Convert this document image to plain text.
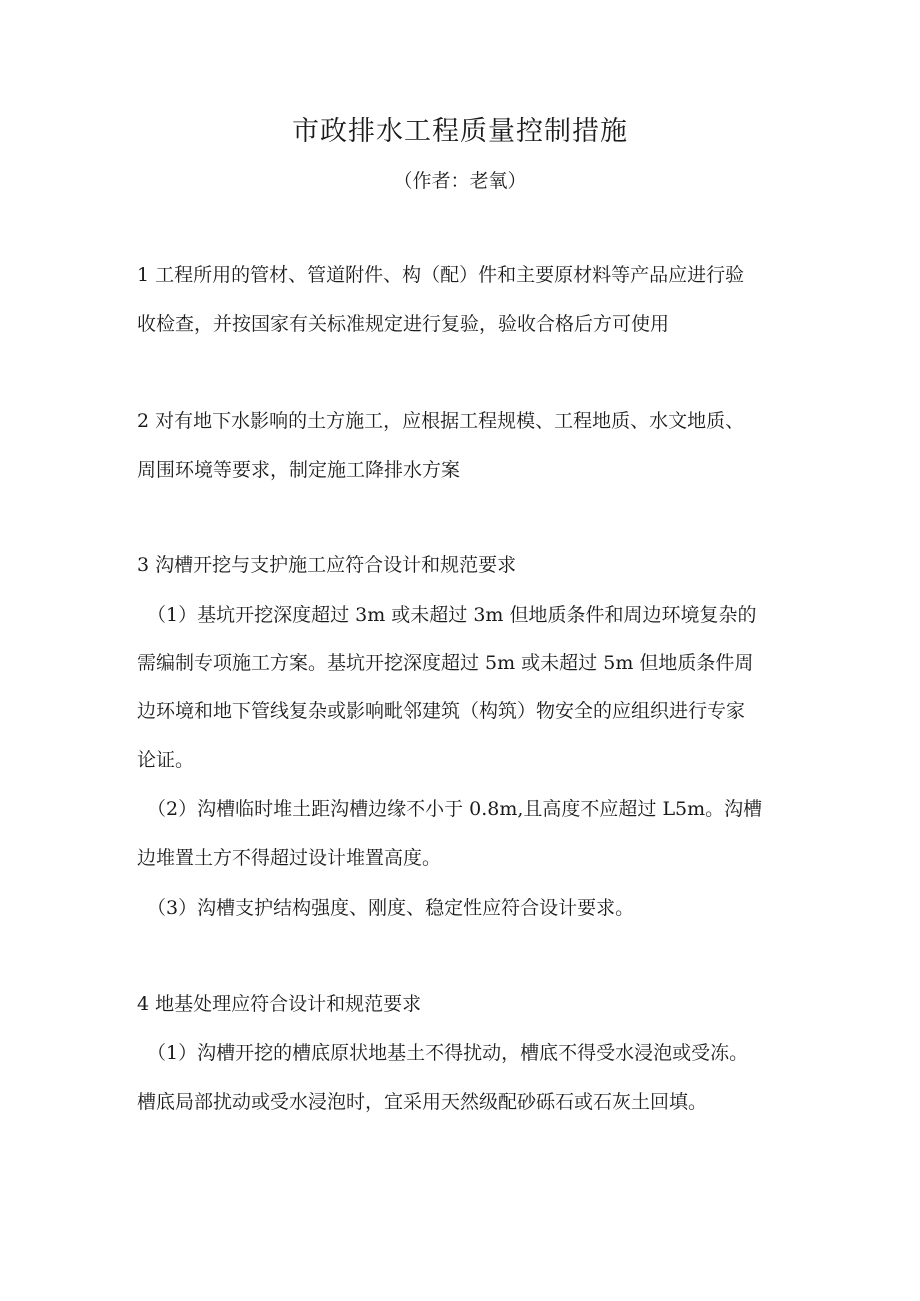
市政排水工程质量控制措施
（作者：老氧）
1 工程所用的管材、管道附件、构（配）件和主要原材料等产品应进行验
收检查，并按国家有关标准规定进行复验，验收合格后方可使用
2 对有地下水影响的土方施工，应根据工程规模、工程地质、水文地质、
周围环境等要求，制定施工降排水方案
3 沟槽开挖与支护施工应符合设计和规范要求
（1）基坑开挖深度超过 3m 或未超过 3m 但地质条件和周边环境复杂的
需编制专项施工方案。基坑开挖深度超过 5m 或未超过 5m 但地质条件周
边环境和地下管线复杂或影响毗邻建筑（构筑）物安全的应组织进行专家
论证。
（2）沟槽临时堆土距沟槽边缘不小于 0.8m,且高度不应超过 L5m。沟槽
边堆置土方不得超过设计堆置高度。
（3）沟槽支护结构强度、刚度、稳定性应符合设计要求。
4 地基处理应符合设计和规范要求
（1）沟槽开挖的槽底原状地基土不得扰动，槽底不得受水浸泡或受冻。
槽底局部扰动或受水浸泡时，宜采用天然级配砂砾石或石灰土回填。
